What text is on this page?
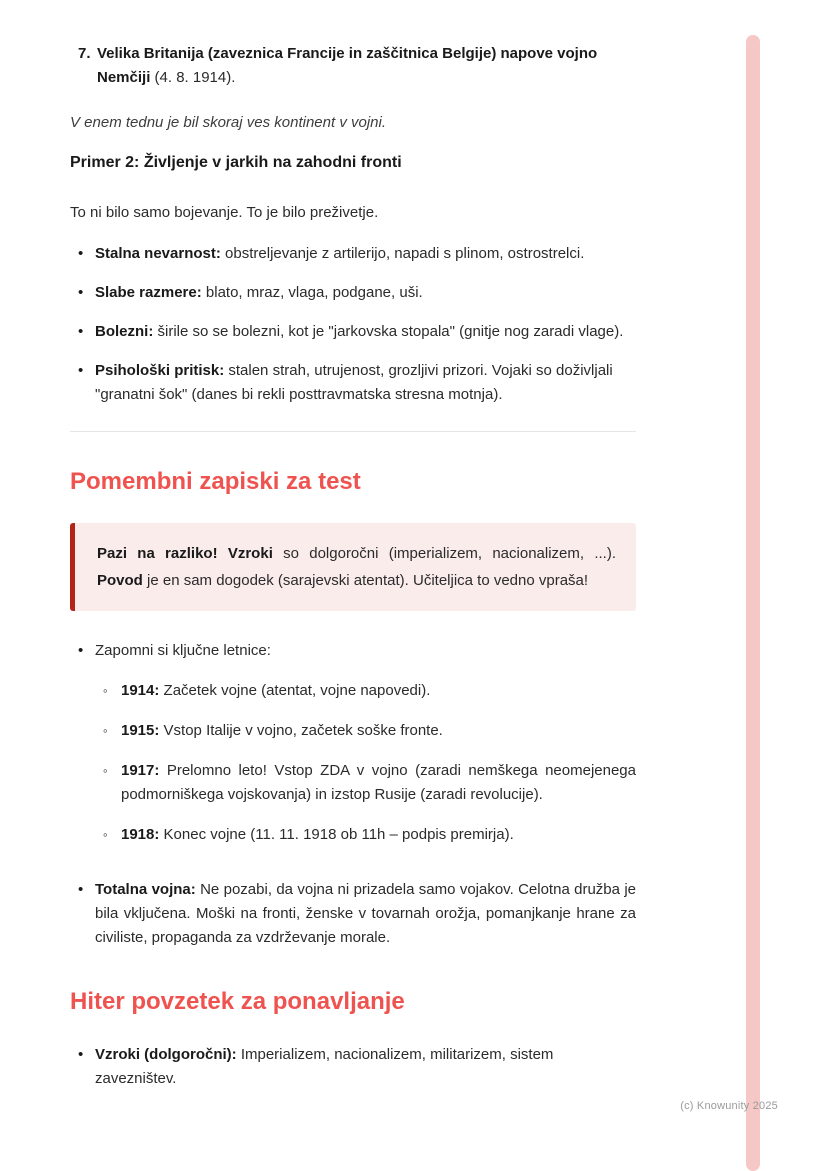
7. Velika Britanija (zaveznica Francije in zaščitnica Belgije) napove vojno Nemčiji (4. 8. 1914).

V enem tednu je bil skoraj ves kontinent v vojni.

Primer 2: Življenje v jarkih na zahodni fronti

To ni bilo samo bojevanje. To je bilo preživetje.

• Stalna nevarnost: obstreljevanje z artilerijo, napadi s plinom, ostrostrelci.

• Slabe razmere: blato, mraz, vlaga, podgane, uši.

• Bolezni: širile so se bolezni, kot je "jarkovska stopala" (gnitje nog zaradi vlage).

• Psihološki pritisk: stalen strah, utrujenost, grozljivi prizori. Vojaki so doživljali "granatni šok" (danes bi rekli posttravmatska stresna motnja).

Pomembni zapiski za test

Pazi na razliko! Vzroki so dolgoročni (imperializem, nacionalizem, ...). Povod je en sam dogodek (sarajevski atentat). Učiteljica to vedno vpraša!

• Zapomni si ključne letnice:

◦ 1914: Začetek vojne (atentat, vojne napovedi).

◦ 1915: Vstop Italije v vojno, začetek soške fronte.

◦ 1917: Prelomno leto! Vstop ZDA v vojno (zaradi nemškega neomejenega podmorniškega vojskovanja) in izstop Rusije (zaradi revolucije).

◦ 1918: Konec vojne (11. 11. 1918 ob 11h – podpis premirja).

• Totalna vojna: Ne pozabi, da vojna ni prizadela samo vojakov. Celotna družba je bila vključena. Moški na fronti, ženske v tovarnah orožja, pomanjkanje hrane za civiliste, propaganda za vzdrževanje morale.

Hiter povzetek za ponavljanje
• Vzroki (dolgoročni): Imperializem, nacionalizem, militarizem, sistem zavezništev.

(c) Knowunity 2025
